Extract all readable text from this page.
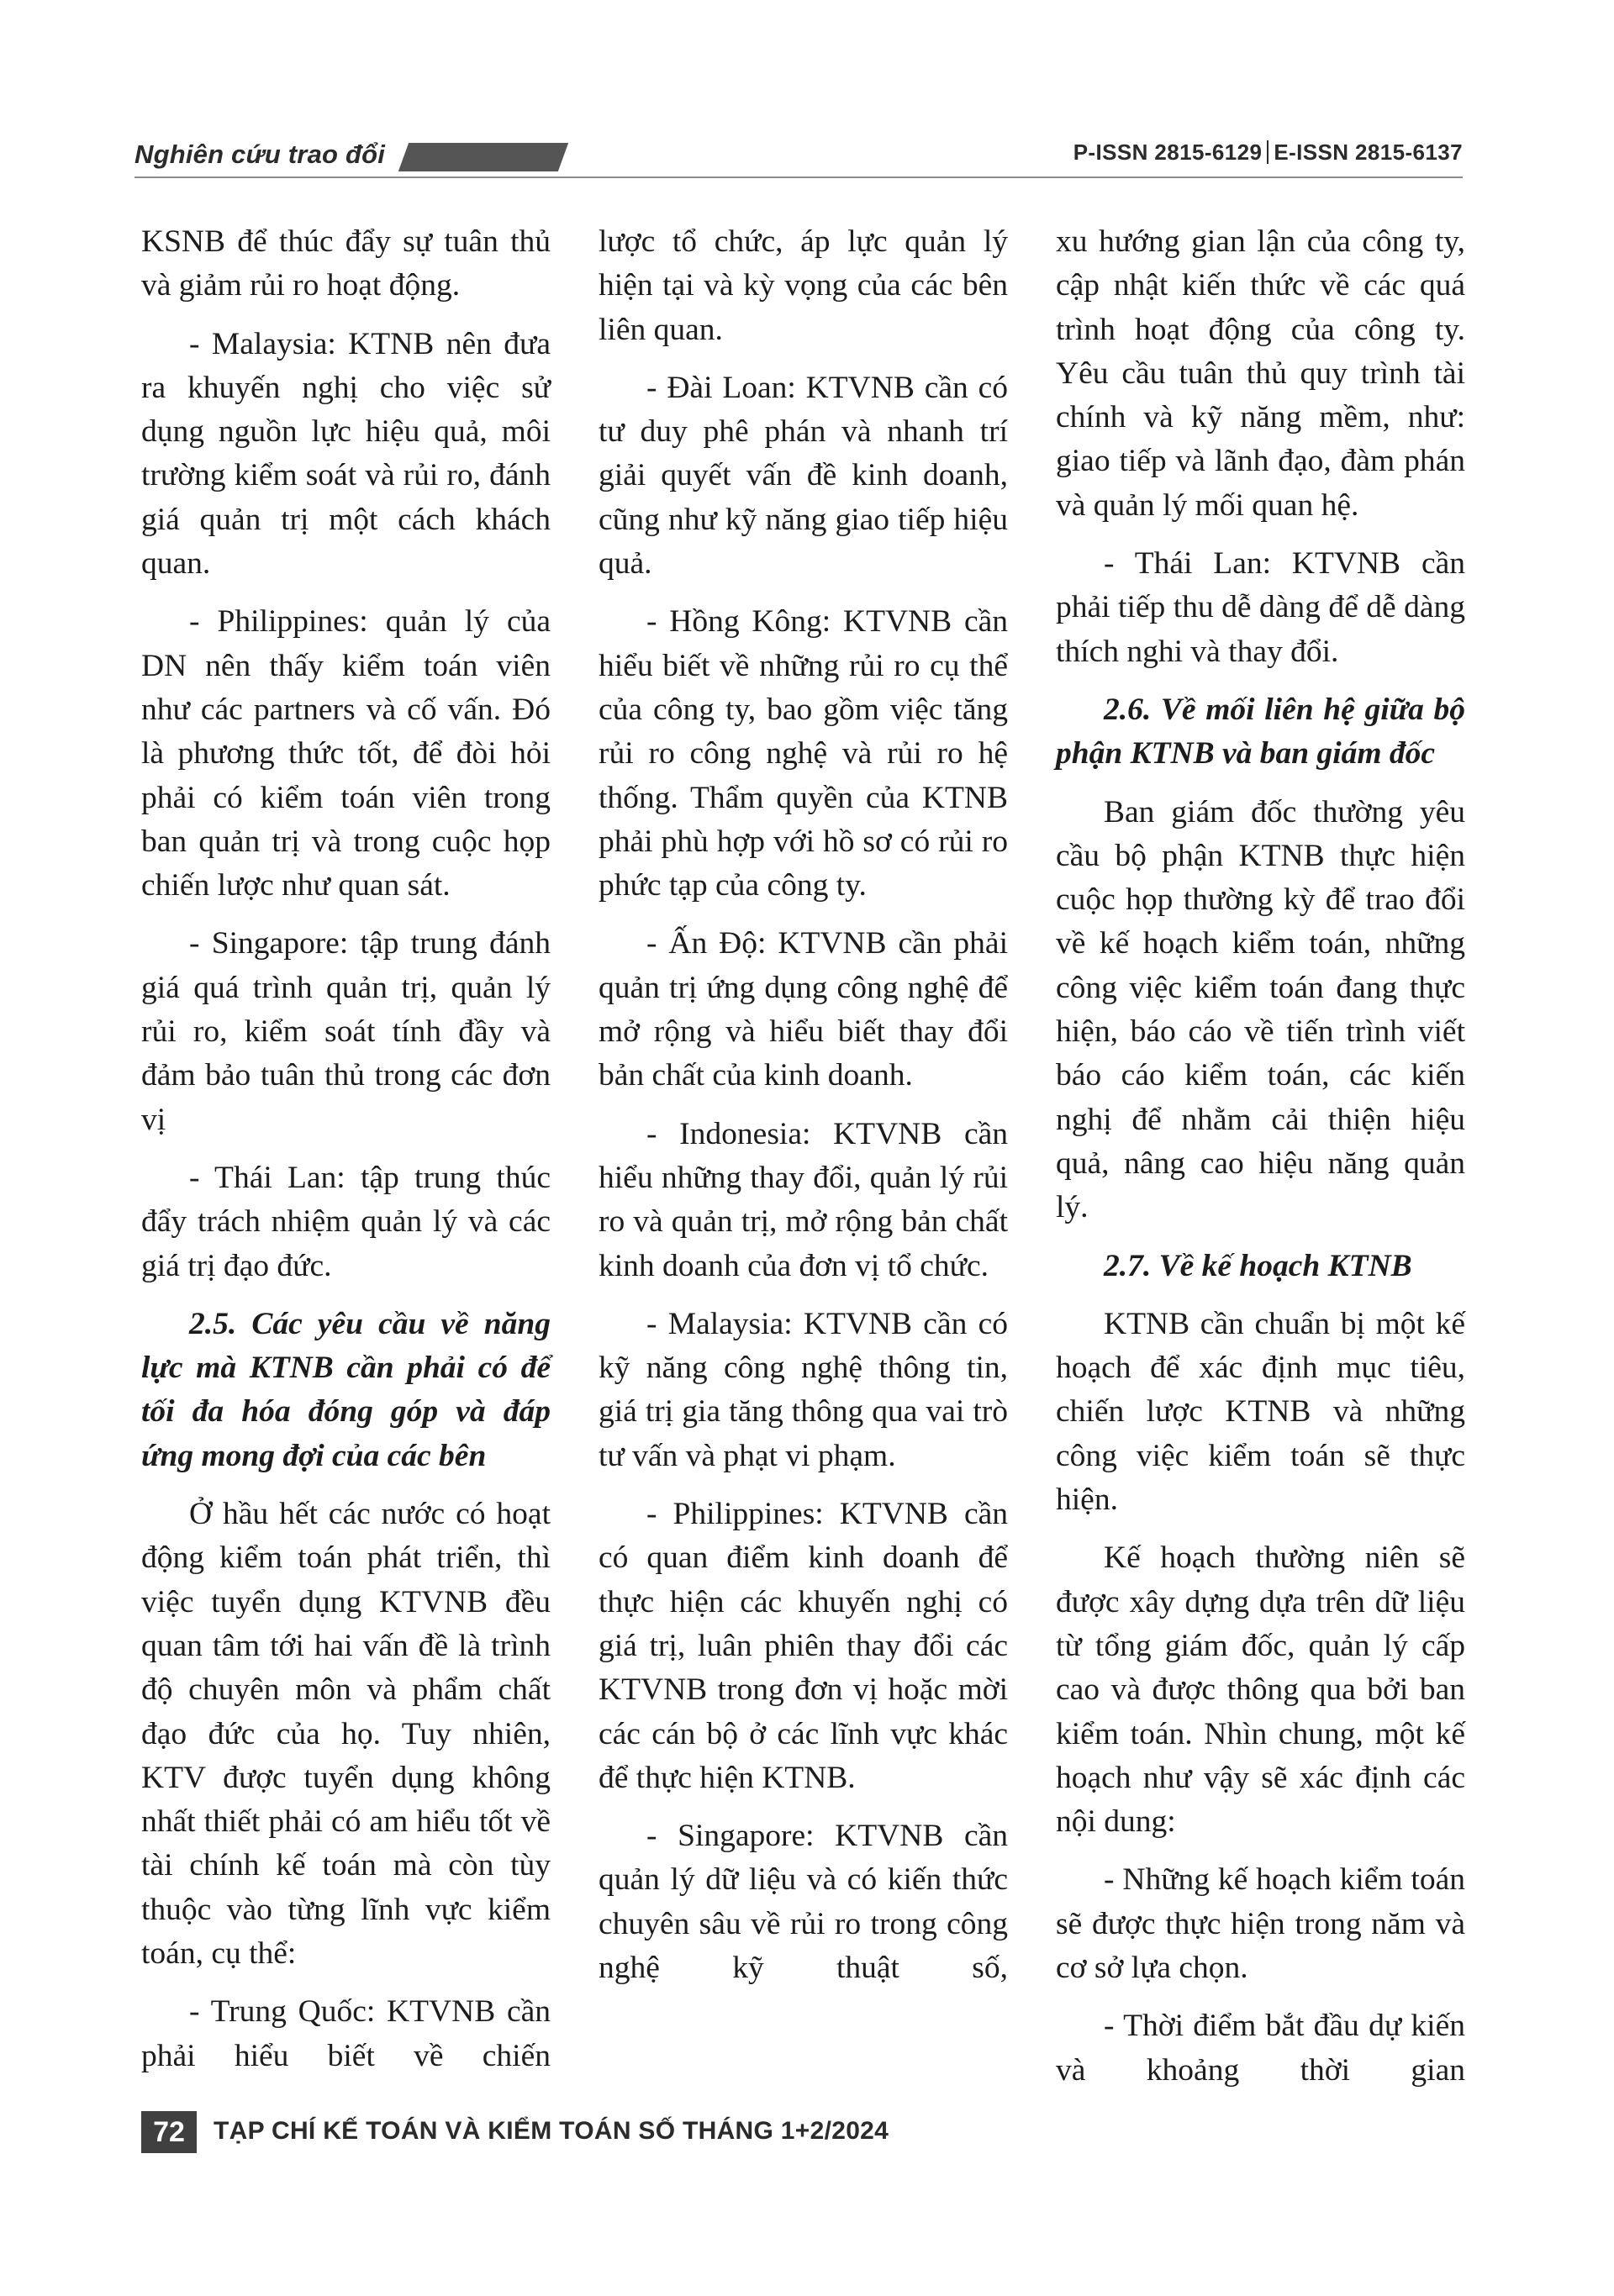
Nghiên cứu trao đổi	P-ISSN 2815-6129 E-ISSN 2815-6137

KSNB để thúc đẩy sự tuân thủ và giảm rủi ro hoạt động.

- Malaysia: KTNB nên đưa ra khuyến nghị cho việc sử dụng nguồn lực hiệu quả, môi trường kiểm soát và rủi ro, đánh giá quản trị một cách khách quan.

- Philippines: quản lý của DN nên thấy kiểm toán viên như các partners và cố vấn. Đó là phương thức tốt, để đòi hỏi phải có kiểm toán viên trong ban quản trị và trong cuộc họp chiến lược như quan sát.

- Singapore: tập trung đánh giá quá trình quản trị, quản lý rủi ro, kiểm soát tính đầy và đảm bảo tuân thủ trong các đơn vị

- Thái Lan: tập trung thúc đẩy trách nhiệm quản lý và các giá trị đạo đức.

2.5. Các yêu cầu về năng lực mà KTNB cần phải có để tối đa hóa đóng góp và đáp ứng mong đợi của các bên

Ở hầu hết các nước có hoạt động kiểm toán phát triển, thì việc tuyển dụng KTVNB đều quan tâm tới hai vấn đề là trình độ chuyên môn và phẩm chất đạo đức của họ. Tuy nhiên, KTV được tuyển dụng không nhất thiết phải có am hiểu tốt về tài chính kế toán mà còn tùy thuộc vào từng lĩnh vực kiểm toán, cụ thể:

- Trung Quốc: KTVNB cần phải hiểu biết về chiến

lược tổ chức, áp lực quản lý hiện tại và kỳ vọng của các bên liên quan.

- Đài Loan: KTVNB cần có tư duy phê phán và nhanh trí giải quyết vấn đề kinh doanh, cũng như kỹ năng giao tiếp hiệu quả.

- Hồng Kông: KTVNB cần hiểu biết về những rủi ro cụ thể của công ty, bao gồm việc tăng rủi ro công nghệ và rủi ro hệ thống. Thẩm quyền của KTNB phải phù hợp với hồ sơ có rủi ro phức tạp của công ty.

- Ấn Độ: KTVNB cần phải quản trị ứng dụng công nghệ để mở rộng và hiểu biết thay đổi bản chất của kinh doanh.

- Indonesia: KTVNB cần hiểu những thay đổi, quản lý rủi ro và quản trị, mở rộng bản chất kinh doanh của đơn vị tổ chức.

- Malaysia: KTVNB cần có kỹ năng công nghệ thông tin, giá trị gia tăng thông qua vai trò tư vấn và phạt vi phạm.

- Philippines: KTVNB cần có quan điểm kinh doanh để thực hiện các khuyến nghị có giá trị, luân phiên thay đổi các KTVNB trong đơn vị hoặc mời các cán bộ ở các lĩnh vực khác để thực hiện KTNB.

- Singapore: KTVNB cần quản lý dữ liệu và có kiến thức chuyên sâu về rủi ro trong công nghệ kỹ thuật số,

xu hướng gian lận của công ty, cập nhật kiến thức về các quá trình hoạt động của công ty. Yêu cầu tuân thủ quy trình tài chính và kỹ năng mềm, như: giao tiếp và lãnh đạo, đàm phán và quản lý mối quan hệ.

- Thái Lan: KTVNB cần phải tiếp thu dễ dàng để dễ dàng thích nghi và thay đổi.

2.6. Về mối liên hệ giữa bộ phận KTNB và ban giám đốc

Ban giám đốc thường yêu cầu bộ phận KTNB thực hiện cuộc họp thường kỳ để trao đổi về kế hoạch kiểm toán, những công việc kiểm toán đang thực hiện, báo cáo về tiến trình viết báo cáo kiểm toán, các kiến nghị để nhằm cải thiện hiệu quả, nâng cao hiệu năng quản lý.

2.7. Về kế hoạch KTNB

KTNB cần chuẩn bị một kế hoạch để xác định mục tiêu, chiến lược KTNB và những công việc kiểm toán sẽ thực hiện.

Kế hoạch thường niên sẽ được xây dựng dựa trên dữ liệu từ tổng giám đốc, quản lý cấp cao và được thông qua bởi ban kiểm toán. Nhìn chung, một kế hoạch như vậy sẽ xác định các nội dung:

- Những kế hoạch kiểm toán sẽ được thực hiện trong năm và cơ sở lựa chọn.

- Thời điểm bắt đầu dự kiến và khoảng thời gian

72	TẠP CHÍ KẾ TOÁN VÀ KIỂM TOÁN SỐ THÁNG 1+2/2024
